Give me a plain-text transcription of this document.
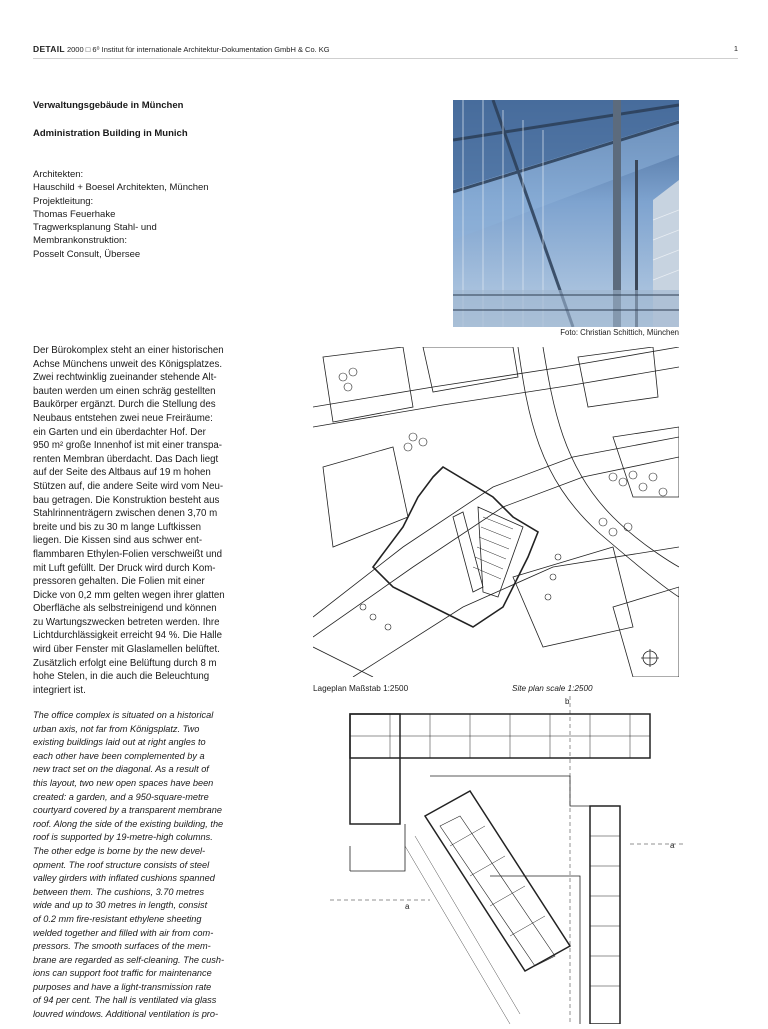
DETAIL 2000 □ 6⁰ Institut für internationale Architektur-Dokumentation GmbH & Co. KG	1
Verwaltungsgebäude in München
Administration Building in Munich
Architekten:
Hauschild + Boesel Architekten, München
Projektleitung:
Thomas Feuerhake
Tragwerksplanung Stahl- und
Membrankonstruktion:
Posselt Consult, Übersee
Der Bürokomplex steht an einer historischen
Achse Münchens unweit des Königsplatzes.
Zwei rechtwinklig zueinander stehende Alt-
bauten werden um einen schräg gestellten
Baukörper ergänzt. Durch die Stellung des
Neubaus entstehen zwei neue Freiräume:
ein Garten und ein überdachter Hof. Der
950 m² große Innenhof ist mit einer transpa-
renten Membran überdacht. Das Dach liegt
auf der Seite des Altbaus auf 19 m hohen
Stützen auf, die andere Seite wird vom Neu-
bau getragen. Die Konstruktion besteht aus
Stahlrinnenträgern zwischen denen 3,70 m
breite und bis zu 30 m lange Luftkissen
liegen. Die Kissen sind aus schwer ent-
flammbaren Ethylen-Folien verschweißt und
mit Luft gefüllt. Der Druck wird durch Kom-
pressoren gehalten. Die Folien mit einer
Dicke von 0,2 mm gelten wegen ihrer glatten
Oberfläche als selbstreinigend und können
zu Wartungszwecken betreten werden. Ihre
Lichtdurchlässigkeit erreicht 94 %. Die Halle
wird über Fenster mit Glaslamellen belüftet.
Zusätzlich erfolgt eine Belüftung durch 8 m
hohe Stelen, in die auch die Beleuchtung
integriert ist.
The office complex is situated on a historical
urban axis, not far from Königsplatz. Two
existing buildings laid out at right angles to
each other have been complemented by a
new tract set on the diagonal. As a result of
this layout, two new open spaces have been
created: a garden, and a 950-square-metre
courtyard covered by a transparent membrane
roof. Along the side of the existing building, the
roof is supported by 19-metre-high columns.
The other edge is borne by the new devel-
opment. The roof structure consists of steel
valley girders with inflated cushions spanned
between them. The cushions, 3.70 metres
wide and up to 30 metres in length, consist
of 0.2 mm fire-resistant ethylene sheeting
welded together and filled with air from com-
pressors. The smooth surfaces of the mem-
brane are regarded as self-cleaning. The cush-
ions can support foot traffic for maintenance
purposes and have a light-transmission rate
of 94 per cent. The hall is ventilated via glass
louvred windows. Additional ventilation is pro-
Foto: Christian Schittich, München
Lageplan Maßstab 1:2500	Site plan scale 1:2500
b
a
a
